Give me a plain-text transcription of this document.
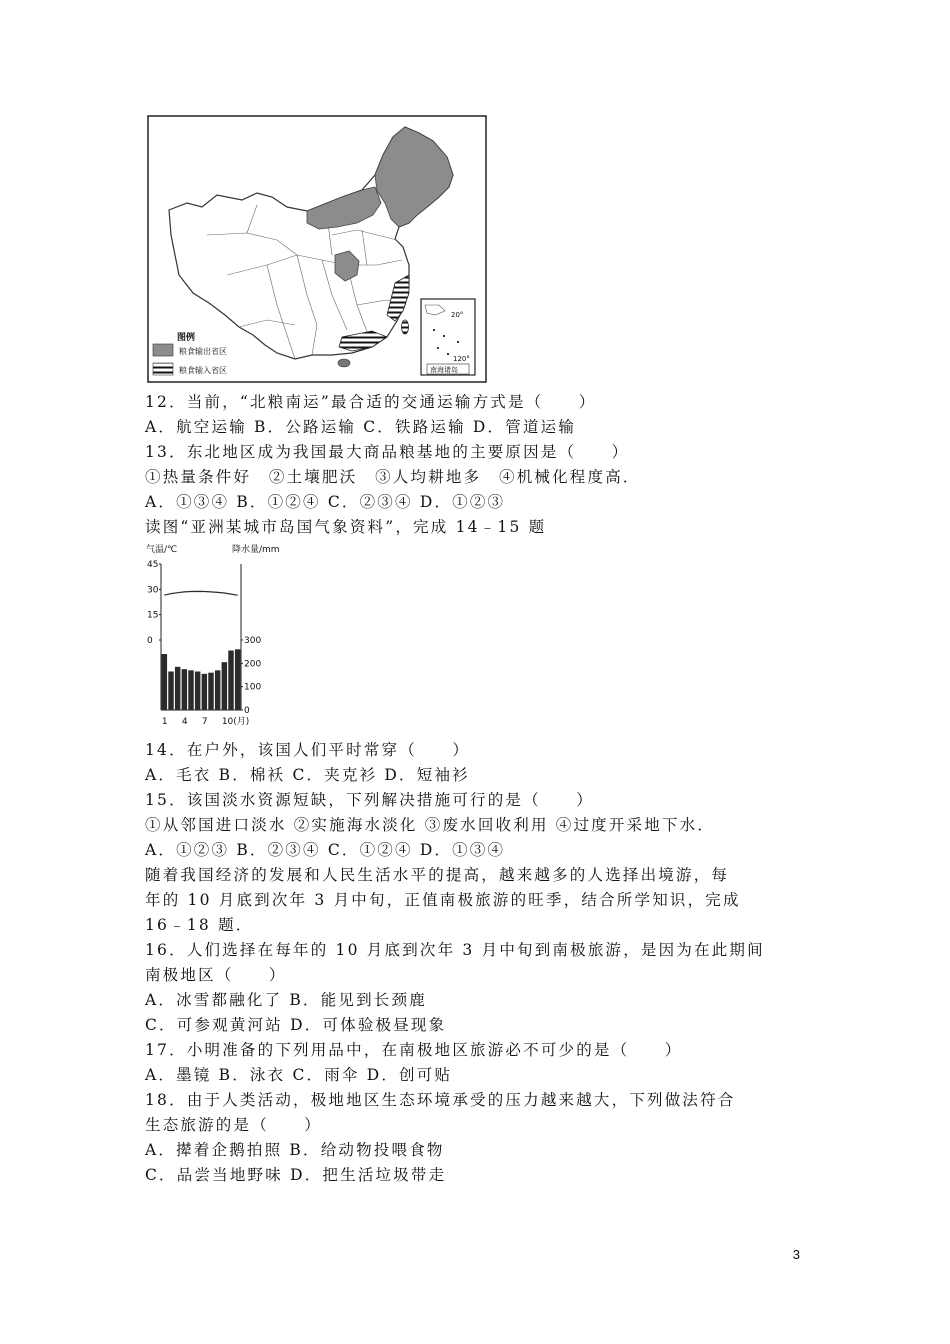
图例
粮食输出省区
粮食输入省区
20°
120°
南海诸岛
12．当前，“北粮南运”最合适的交通运输方式是（　　）
A．航空运输 B．公路运输 C．铁路运输 D．管道运输
13．东北地区成为我国最大商品粮基地的主要原因是（　　）
①热量条件好　②土壤肥沃　③人均耕地多　④机械化程度高．
A．①③④ B．①②④ C．②③④ D．①②③
读图“亚洲某城市岛国气象资料”，完成 14﹣15 题
气温/℃	降水量/mm
45
30
15
0	300
200
100
0
1 4 7 10(月)
14．在户外，该国人们平时常穿（　　）
A．毛衣 B．棉袄 C．夹克衫 D．短袖衫
15．该国淡水资源短缺，下列解决措施可行的是（　　）
①从邻国进口淡水 ②实施海水淡化 ③废水回收利用 ④过度开采地下水．
A．①②③ B．②③④ C．①②④ D．①③④
随着我国经济的发展和人民生活水平的提高，越来越多的人选择出境游，每
年的 10 月底到次年 3 月中旬，正值南极旅游的旺季，结合所学知识，完成
16﹣18 题．
16．人们选择在每年的 10 月底到次年 3 月中旬到南极旅游，是因为在此期间
南极地区（　　）
A．冰雪都融化了 B．能见到长颈鹿
C．可参观黄河站 D．可体验极昼现象
17．小明准备的下列用品中，在南极地区旅游必不可少的是（　　）
A．墨镜 B．泳衣 C．雨伞 D．创可贴
18．由于人类活动，极地地区生态环境承受的压力越来越大，下列做法符合
生态旅游的是（　　）
A．撵着企鹅拍照 B．给动物投喂食物
C．品尝当地野味 D．把生活垃圾带走
3
